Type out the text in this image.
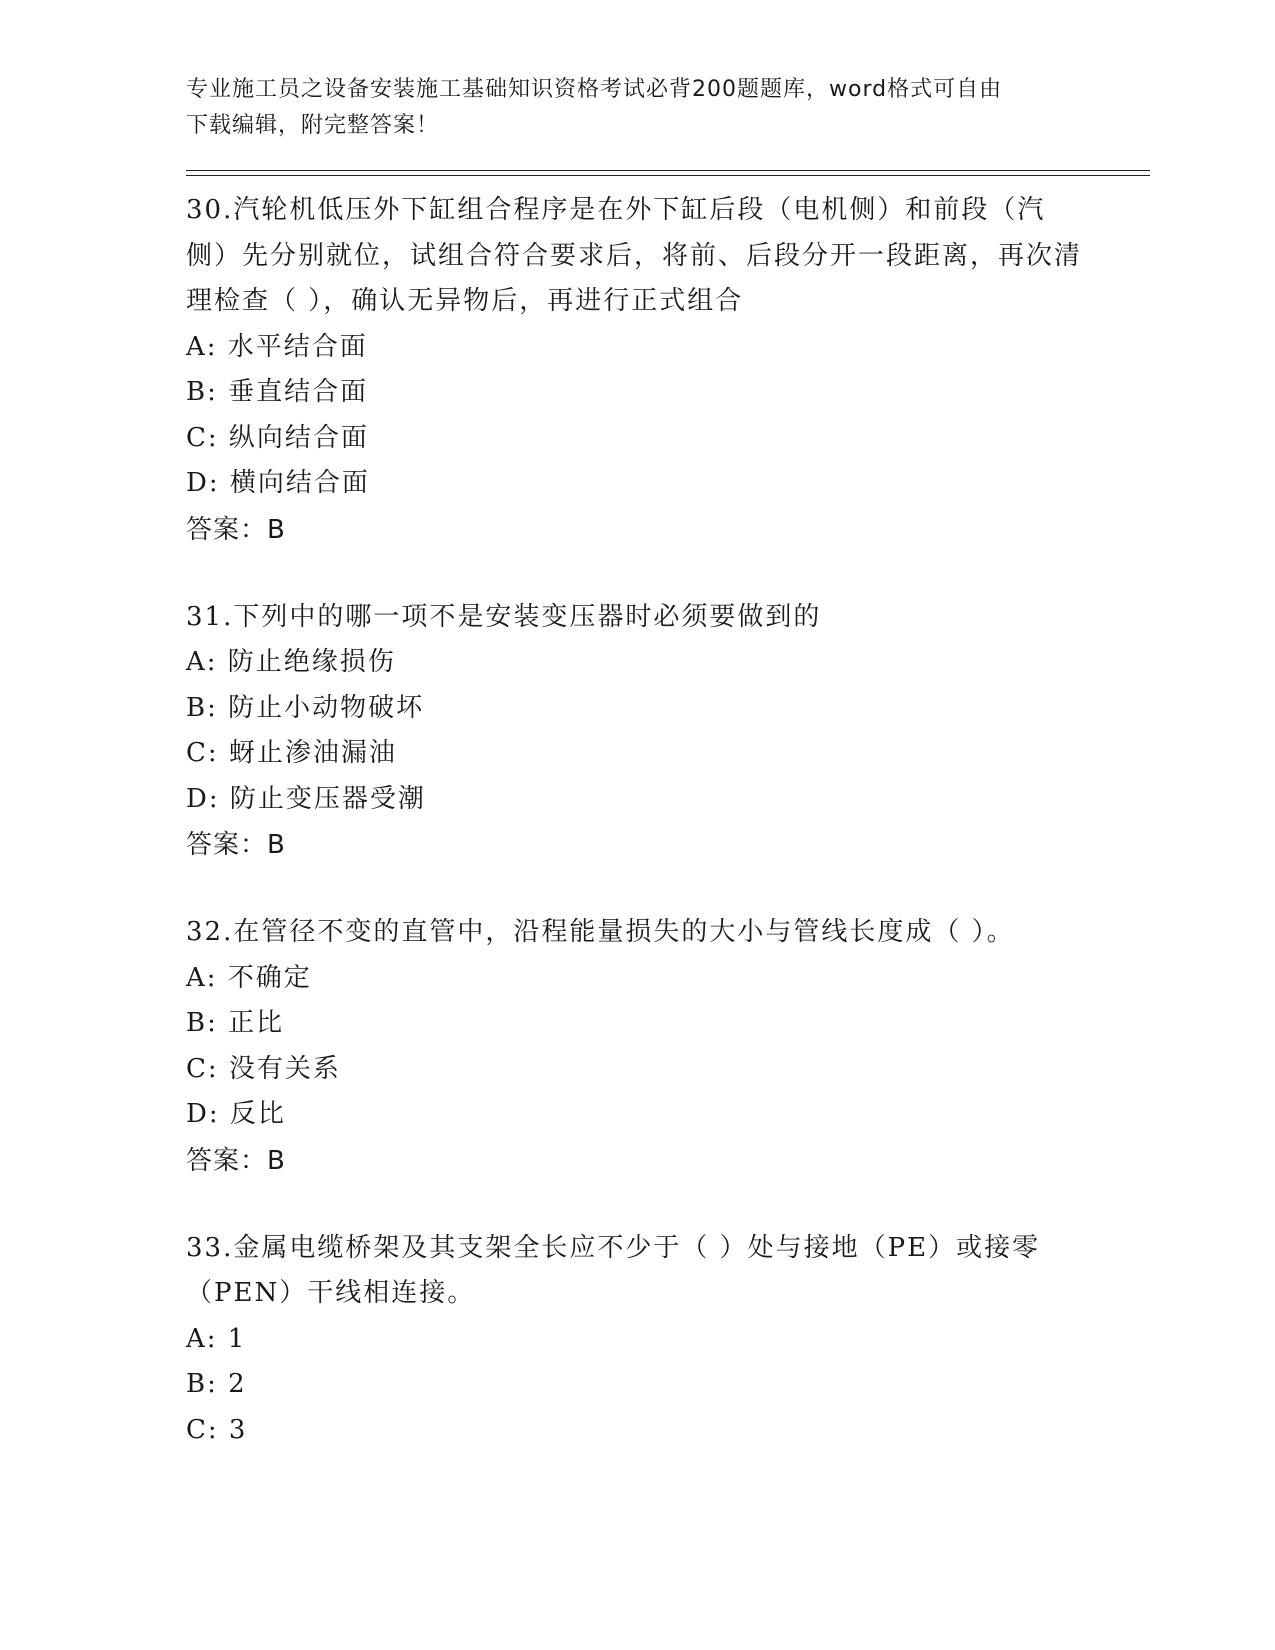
专业施工员之设备安装施工基础知识资格考试必背200题题库，word格式可自由
下载编辑，附完整答案！
30.汽轮机低压外下缸组合程序是在外下缸后段（电机侧）和前段（汽侧）先分别就位，试组合符合要求后，将前、后段分开一段距离，再次清理检查（ ），确认无异物后，再进行正式组合
A: 水平结合面
B: 垂直结合面
C: 纵向结合面
D: 横向结合面
答案：B
31.下列中的哪一项不是安装变压器时必须要做到的
A: 防止绝缘损伤
B: 防止小动物破坏
C: 蚜止渗油漏油
D: 防止变压器受潮
答案：B
32.在管径不变的直管中，沿程能量损失的大小与管线长度成（ ）。
A: 不确定
B: 正比
C: 没有关系
D: 反比
答案：B
33.金属电缆桥架及其支架全长应不少于（ ）处与接地（PE）或接零（PEN）干线相连接。
A: 1
B: 2
C: 3
